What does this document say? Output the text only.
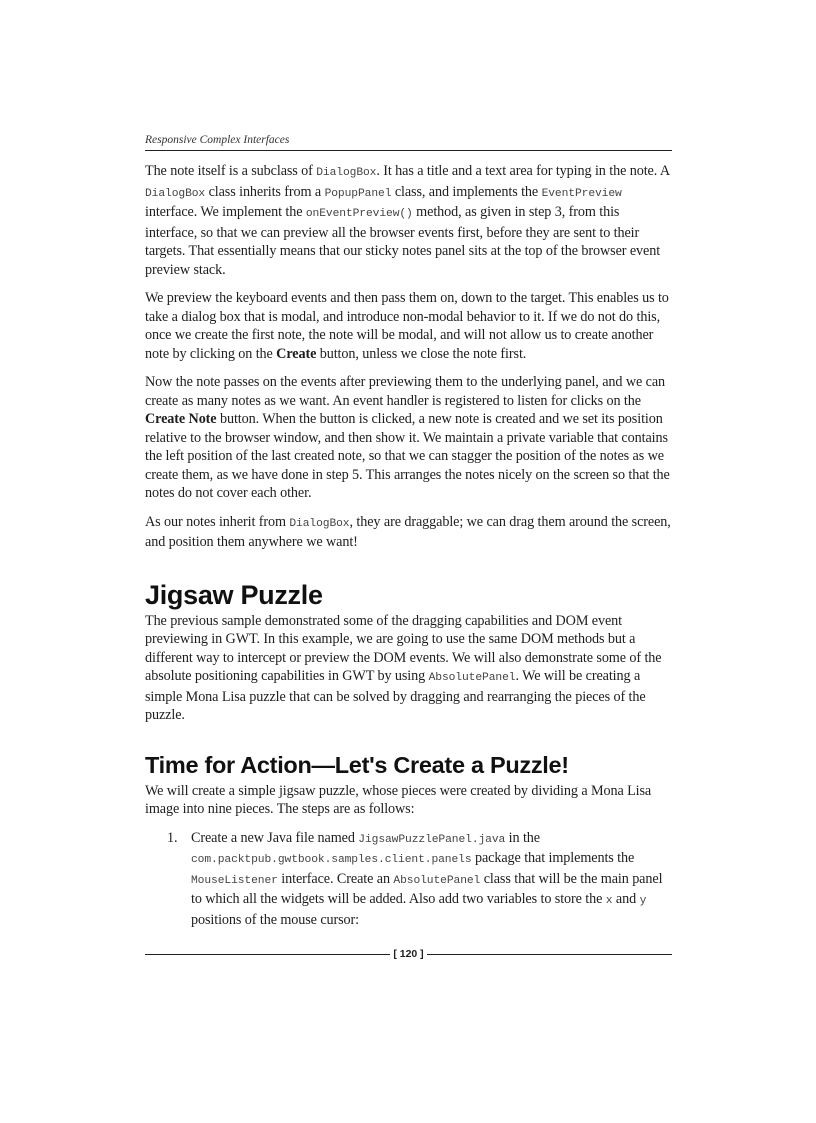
Responsive Complex Interfaces

The note itself is a subclass of DialogBox. It has a title and a text area for typing in the note. A DialogBox class inherits from a PopupPanel class, and implements the EventPreview interface. We implement the onEventPreview() method, as given in step 3, from this interface, so that we can preview all the browser events first, before they are sent to their targets. That essentially means that our sticky notes panel sits at the top of the browser event preview stack.

We preview the keyboard events and then pass them on, down to the target. This enables us to take a dialog box that is modal, and introduce non-modal behavior to it. If we do not do this, once we create the first note, the note will be modal, and will not allow us to create another note by clicking on the Create button, unless we close the note first.

Now the note passes on the events after previewing them to the underlying panel, and we can create as many notes as we want. An event handler is registered to listen for clicks on the Create Note button. When the button is clicked, a new note is created and we set its position relative to the browser window, and then show it. We maintain a private variable that contains the left position of the last created note, so that we can stagger the position of the notes as we create them, as we have done in step 5. This arranges the notes nicely on the screen so that the notes do not cover each other.

As our notes inherit from DialogBox, they are draggable; we can drag them around the screen, and position them anywhere we want!

Jigsaw Puzzle

The previous sample demonstrated some of the dragging capabilities and DOM event previewing in GWT. In this example, we are going to use the same DOM methods but a different way to intercept or preview the DOM events. We will also demonstrate some of the absolute positioning capabilities in GWT by using AbsolutePanel. We will be creating a simple Mona Lisa puzzle that can be solved by dragging and rearranging the pieces of the puzzle.

Time for Action—Let's Create a Puzzle!

We will create a simple jigsaw puzzle, whose pieces were created by dividing a Mona Lisa image into nine pieces. The steps are as follows:

1. Create a new Java file named JigsawPuzzlePanel.java in the com.packtpub.gwtbook.samples.client.panels package that implements the MouseListener interface. Create an AbsolutePanel class that will be the main panel to which all the widgets will be added. Also add two variables to store the x and y positions of the mouse cursor:
[ 120 ]
